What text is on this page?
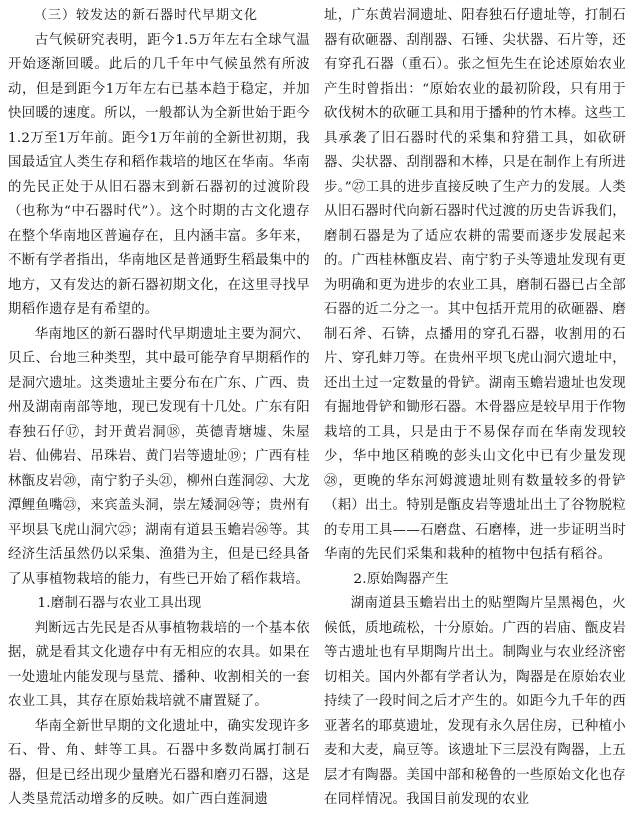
（三）较发达的新石器时代早期文化

古气候研究表明，距今1.5万年左右全球气温开始逐渐回暖。此后的几千年中气候虽然有所波动，但是到距今1万年左右已基本趋于稳定，并加快回暖的速度。所以，一般都认为全新世始于距今1.2万至1万年前。距今1万年前的全新世初期，我国最适宜人类生存和稻作栽培的地区在华南。华南的先民正处于从旧石器末到新石器初的过渡阶段（也称为“中石器时代”）。这个时期的古文化遗存在整个华南地区普遍存在，且内涵丰富。多年来，不断有学者指出，华南地区是普通野生稻最集中的地方，又有发达的新石器初期文化，在这里寻找早期稻作遗存是有希望的。

华南地区的新石器时代早期遗址主要为洞穴、贝丘、台地三种类型，其中最可能孕育早期稻作的是洞穴遗址。这类遗址主要分布在广东、广西、贵州及湖南南部等地，现已发现有十几处。广东有阳春独石仔⑰，封开黄岩洞⑱，英德青塘墟、朱屋岩、仙佛岩、吊珠岩、黄门岩等遗址⑲；广西有桂林甑皮岩⑳，南宁豹子头㉑，柳州白莲洞㉒、大龙潭鲤鱼嘴㉓，来宾盖头洞，崇左矮洞㉔等；贵州有平坝县飞虎山洞穴㉕；湖南有道县玉蟾岩㉖等。其经济生活虽然仍以采集、渔猎为主，但是已经具备了从事植物栽培的能力，有些已开始了稻作栽培。

1.磨制石器与农业工具出现

判断远古先民是否从事植物栽培的一个基本依据，就是看其文化遗存中有无相应的农具。如果在一处遗址内能发现与垦荒、播种、收割相关的一套农业工具，其存在原始栽培就不庸置疑了。

华南全新世早期的文化遗址中，确实发现许多石、骨、角、蚌等工具。石器中多数尚属打制石器，但是已经出现少量磨光石器和磨刃石器，这是人类垦荒活动增多的反映。如广西白莲洞遗

址，广东黄岩洞遗址、阳春独石仔遗址等，打制石器有砍砸器、刮削器、石锤、尖状器、石片等，还有穿孔石器（重石）。张之恒先生在论述原始农业产生时曾指出：“原始农业的最初阶段，只有用于砍伐树木的砍砸工具和用于播种的竹木棒。这些工具承袭了旧石器时代的采集和狩猎工具，如砍研器、尖状器、刮削器和木棒，只是在制作上有所进步。”㉗工具的进步直接反映了生产力的发展。人类从旧石器时代向新石器时代过渡的历史告诉我们，磨制石器是为了适应农耕的需要而逐步发展起来的。广西桂林甑皮岩、南宁豹子头等遗址发现有更为明确和更为进步的农业工具，磨制石器已占全部石器的近二分之一。其中包括开荒用的砍砸器、磨制石斧、石锛，点播用的穿孔石器，收割用的石片、穿孔蚌刀等。在贵州平坝飞虎山洞穴遗址中，还出土过一定数量的骨铲。湖南玉蟾岩遗址也发现有掘地骨铲和锄形石器。木骨器应是较早用于作物栽培的工具，只是由于不易保存而在华南发现较少，华中地区稍晚的彭头山文化中已有少量发现㉘，更晚的华东河姆渡遗址则有数量较多的骨铲（耜）出土。特别是甑皮岩等遗址出土了谷物脱粒的专用工具——石磨盘、石磨棒，进一步证明当时华南的先民们采集和栽种的植物中包括有稻谷。

2.原始陶器产生

湖南道县玉蟾岩出土的贴塑陶片呈黑褐色，火候低，质地疏松，十分原始。广西的岩庙、甑皮岩等古遗址也有早期陶片出土。制陶业与农业经济密切相关。国内外都有学者认为，陶器是在原始农业持续了一段时间之后才产生的。如距今九千年的西亚著名的耶莫遗址，发现有永久居住房，已种植小麦和大麦，扁豆等。该遗址下三层没有陶器，上五层才有陶器。美国中部和秘鲁的一些原始文化也存在同样情况。我国目前发现的农业
